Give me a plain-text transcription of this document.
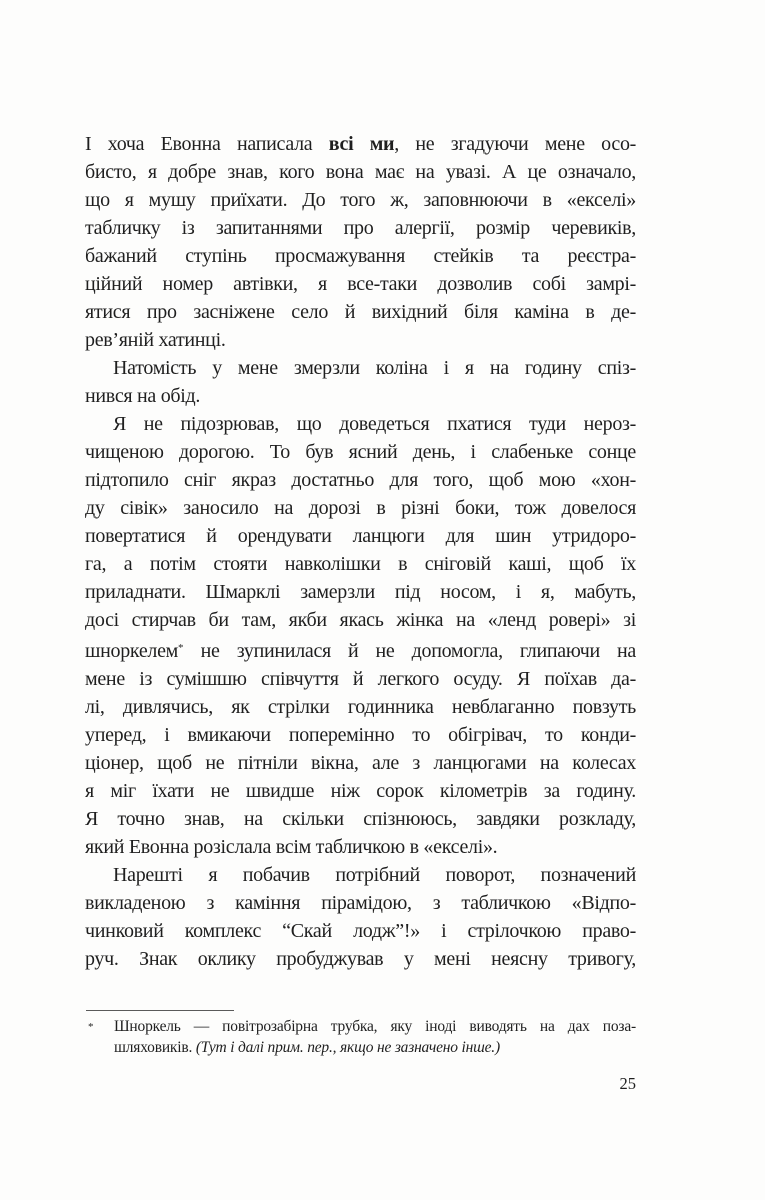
І хоча Евонна написала всі ми, не згадуючи мене осо-
бисто, я добре знав, кого вона має на увазі. А це означало,
що я мушу приїхати. До того ж, заповнюючи в «екселі»
табличку із запитаннями про алергії, розмір черевиків,
бажаний ступінь просмажування стейків та реєстра-
ційний номер автівки, я все-таки дозволив собі замрі-
ятися про засніжене село й вихідний біля каміна в де-
рев’яній хатинці.
Натомість у мене змерзли коліна і я на годину спіз-
нився на обід.
Я не підозрював, що доведеться пхатися туди нероз-
чищеною дорогою. То був ясний день, і слабеньке сонце
підтопило сніг якраз достатньо для того, щоб мою «хон-
ду сівік» заносило на дорозі в різні боки, тож довелося
повертатися й орендувати ланцюги для шин утридоро-
га, а потім стояти навколішки в сніговій каші, щоб їх
приладнати. Шмарклі замерзли під носом, і я, мабуть,
досі стирчав би там, якби якась жінка на «ленд ровері» зі
шноркелем* не зупинилася й не допомогла, глипаючи на
мене із сумішшю співчуття й легкого осуду. Я поїхав да-
лі, дивлячись, як стрілки годинника невблаганно повзуть
уперед, і вмикаючи поперемінно то обігрівач, то конди-
ціонер, щоб не пітніли вікна, але з ланцюгами на колесах
я міг їхати не швидше ніж сорок кілометрів за годину.
Я точно знав, на скільки спізнююсь, завдяки розкладу,
який Евонна розіслала всім табличкою в «екселі».
Нарешті я побачив потрібний поворот, позначений
викладеною з каміння пірамідою, з табличкою «Відпо-
чинковий комплекс “Скай лодж”!» і стрілочкою право-
руч. Знак оклику пробуджував у мені неясну тривогу,
* Шноркель — повітрозабірна трубка, яку іноді виводять на дах поза-
шляховиків. (Тут і далі прим. пер., якщо не зазначено інше.)
25
